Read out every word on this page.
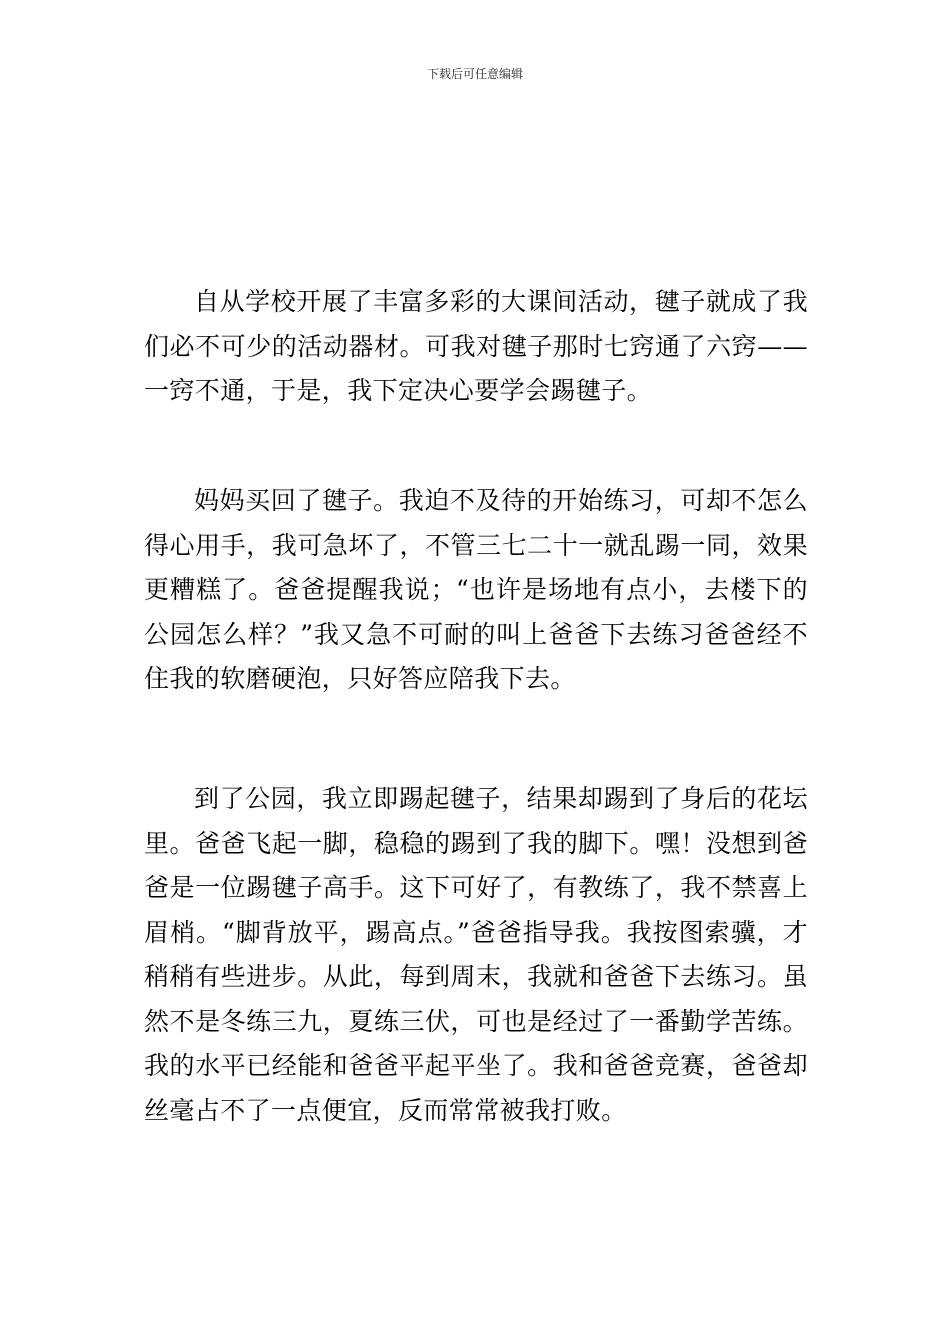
下载后可任意编辑

自从学校开展了丰富多彩的大课间活动，毽子就成了我们必不可少的活动器材。可我对毽子那时七窍通了六窍——一窍不通，于是，我下定决心要学会踢毽子。

妈妈买回了毽子。我迫不及待的开始练习，可却不怎么得心用手，我可急坏了，不管三七二十一就乱踢一同，效果更糟糕了。爸爸提醒我说；“也许是场地有点小，去楼下的公园怎么样？”我又急不可耐的叫上爸爸下去练习爸爸经不住我的软磨硬泡，只好答应陪我下去。

到了公园，我立即踢起毽子，结果却踢到了身后的花坛里。爸爸飞起一脚，稳稳的踢到了我的脚下。嘿！没想到爸爸是一位踢毽子高手。这下可好了，有教练了，我不禁喜上眉梢。“脚背放平，踢高点。”爸爸指导我。我按图索骥，才稍稍有些进步。从此，每到周末，我就和爸爸下去练习。虽然不是冬练三九，夏练三伏，可也是经过了一番勤学苦练。我的水平已经能和爸爸平起平坐了。我和爸爸竞赛，爸爸却丝毫占不了一点便宜，反而常常被我打败。
